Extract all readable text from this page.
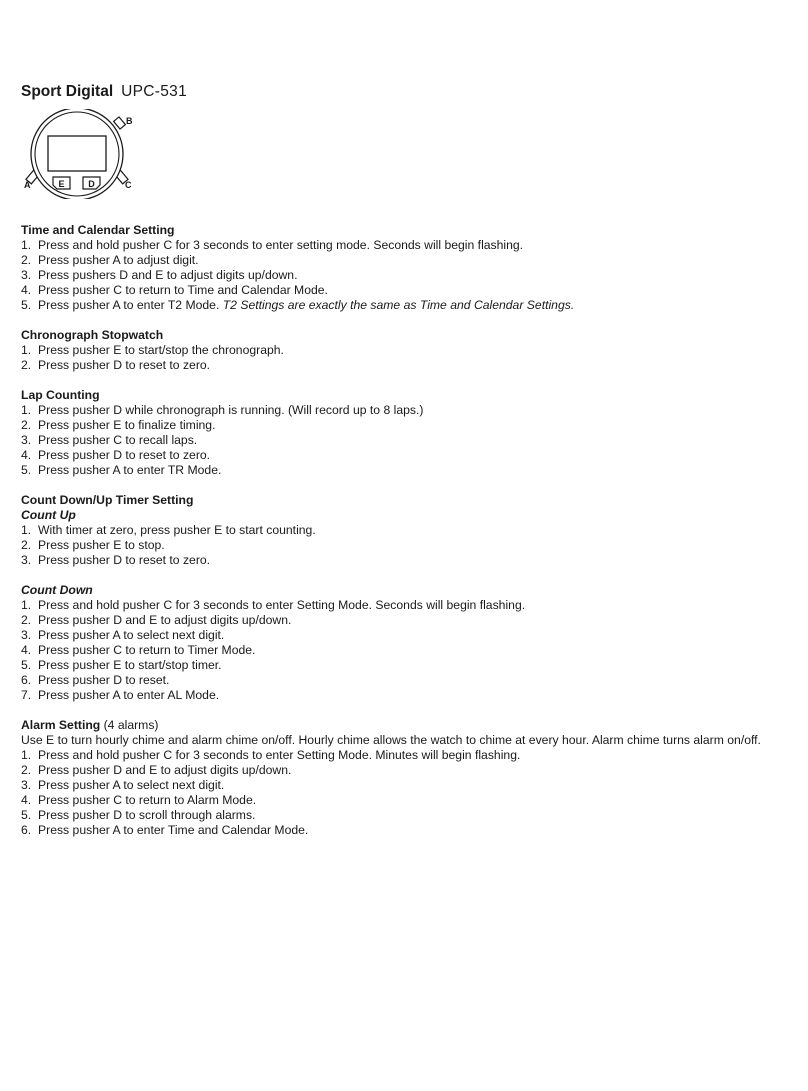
Sport Digital UPC-531
E	D
B
A	C
Time and Calendar Setting
1. Press and hold pusher C for 3 seconds to enter setting mode. Seconds will begin flashing.
2. Press pusher A to adjust digit.
3. Press pushers D and E to adjust digits up/down.
4. Press pusher C to return to Time and Calendar Mode.
5. Press pusher A to enter T2 Mode. T2 Settings are exactly the same as Time and Calendar Settings.
Chronograph Stopwatch
1. Press pusher E to start/stop the chronograph.
2. Press pusher D to reset to zero.
Lap Counting
1. Press pusher D while chronograph is running. (Will record up to 8 laps.)
2. Press pusher E to finalize timing.
3. Press pusher C to recall laps.
4. Press pusher D to reset to zero.
5. Press pusher A to enter TR Mode.
Count Down/Up Timer Setting
Count Up
1. With timer at zero, press pusher E to start counting.
2. Press pusher E to stop.
3. Press pusher D to reset to zero.
Count Down
1. Press and hold pusher C for 3 seconds to enter Setting Mode. Seconds will begin flashing.
2. Press pusher D and E to adjust digits up/down.
3. Press pusher A to select next digit.
4. Press pusher C to return to Timer Mode.
5. Press pusher E to start/stop timer.
6. Press pusher D to reset.
7. Press pusher A to enter AL Mode.
Alarm Setting (4 alarms)
Use E to turn hourly chime and alarm chime on/off. Hourly chime allows the watch to chime at every hour. Alarm chime turns alarm on/off.
1. Press and hold pusher C for 3 seconds to enter Setting Mode. Minutes will begin flashing.
2. Press pusher D and E to adjust digits up/down.
3. Press pusher A to select next digit.
4. Press pusher C to return to Alarm Mode.
5. Press pusher D to scroll through alarms.
6. Press pusher A to enter Time and Calendar Mode.
